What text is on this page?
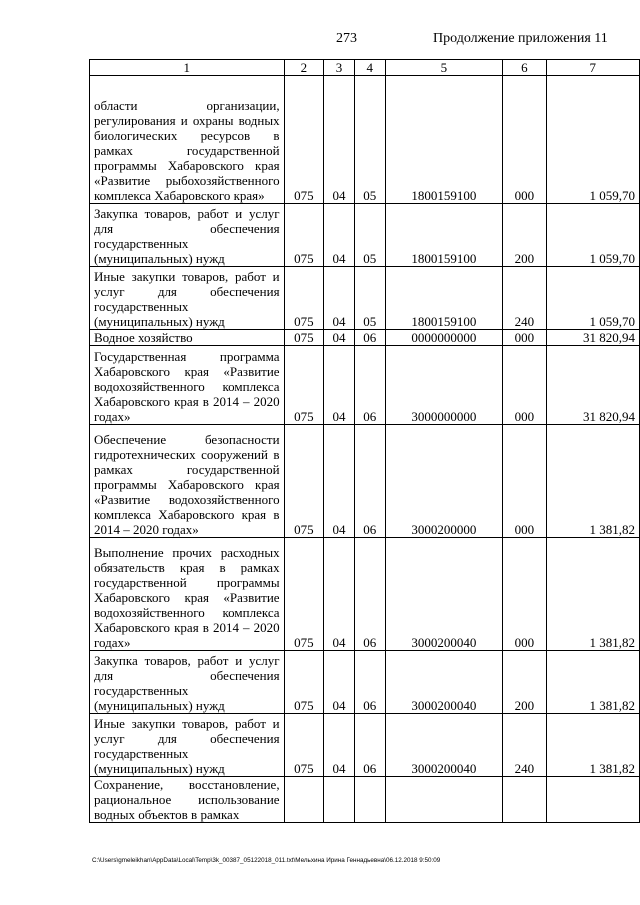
273	Продолжение приложения 11
1	2	3	4	5	6	7
области организации, регулирования и охраны водных биологических ресурсов в рамках государственной программы Хабаровского края «Развитие рыбохозяйственного комплекса Хабаровского края»	075	04	05	1800159100	000	1 059,70
Закупка товаров, работ и услуг для обеспечения государственных (муниципальных) нужд	075	04	05	1800159100	200	1 059,70
Иные закупки товаров, работ и услуг для обеспечения государственных (муниципальных) нужд	075	04	05	1800159100	240	1 059,70
Водное хозяйство	075	04	06	0000000000	000	31 820,94
Государственная программа Хабаровского края «Развитие водохозяйственного комплекса Хабаровского края в 2014 – 2020 годах»	075	04	06	3000000000	000	31 820,94
Обеспечение безопасности гидротехнических сооружений в рамках государственной программы Хабаровского края «Развитие водохозяйственного комплекса Хабаровского края в 2014 – 2020 годах»	075	04	06	3000200000	000	1 381,82
Выполнение прочих расходных обязательств края в рамках государственной программы Хабаровского края «Развитие водохозяйственного комплекса Хабаровского края в 2014 – 2020 годах»	075	04	06	3000200040	000	1 381,82
Закупка товаров, работ и услуг для обеспечения государственных (муниципальных) нужд	075	04	06	3000200040	200	1 381,82
Иные закупки товаров, работ и услуг для обеспечения государственных (муниципальных) нужд	075	04	06	3000200040	240	1 381,82
Сохранение, восстановление, рациональное использование водных объектов в рамках						
C:\Users\gmeleikhan\AppData\Local\Temp\3k_00387_05122018_011.txt\Мельхина Ирина Геннадьевна\06.12.2018 9:50:09
